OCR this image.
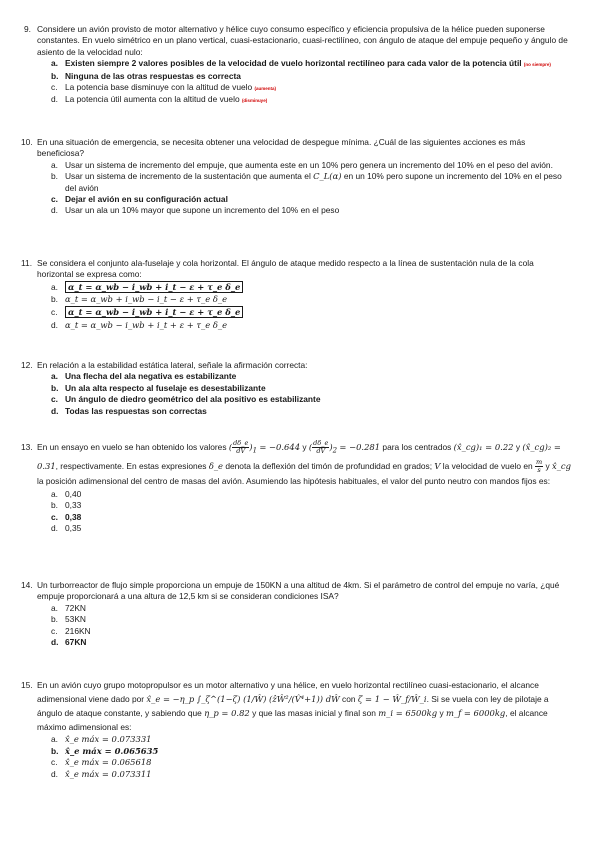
9. Considere un avión provisto de motor alternativo y hélice cuyo consumo específico y eficiencia propulsiva de la hélice pueden suponerse constantes. En vuelo simétrico en un plano vertical, cuasi-estacionario, cuasi-rectilíneo, con ángulo de ataque del empuje pequeño y ángulo de asiento de la velocidad nulo:
a. Existen siempre 2 valores posibles de la velocidad de vuelo horizontal rectilíneo para cada valor de la potencia útil (no siempre)
b. Ninguna de las otras respuestas es correcta
c. La potencia base disminuye con la altitud de vuelo (aumenta)
d. La potencia útil aumenta con la altitud de vuelo (disminuye)
10. En una situación de emergencia, se necesita obtener una velocidad de despegue mínima. ¿Cuál de las siguientes acciones es más beneficiosa?
a. Usar un sistema de incremento del empuje, que aumenta este en un 10% pero genera un incremento del 10% en el peso del avión.
b. Usar un sistema de incremento de la sustentación que aumenta el C_L(α) en un 10% pero supone un incremento del 10% en el peso del avión
c. Dejar el avión en su configuración actual
d. Usar un ala un 10% mayor que supone un incremento del 10% en el peso
11. Se considera el conjunto ala-fuselaje y cola horizontal. El ángulo de ataque medido respecto a la línea de sustentación nula de la cola horizontal se expresa como:
a. α_t = α_wb − i_wb + i_t − ε + τ_e δ_e
b. α_t = α_wb + i_wb − i_t − ε + τ_e δ_e
c. α_t = α_wb − i_wb + i_t − ε + τ_e δ_e
d. α_t = α_wb − i_wb + i_t + ε + τ_e δ_e
12. En relación a la estabilidad estática lateral, señale la afirmación correcta:
a. Una flecha del ala negativa es estabilizante
b. Un ala alta respecto al fuselaje es desestabilizante
c. Un ángulo de diedro geométrico del ala positivo es estabilizante
d. Todas las respuestas son correctas
13. En un ensayo en vuelo se han obtenido los valores ( $\frac{d\delta\_e}{dV} )_1 = -0.644$ y ( $\frac{d\delta\_e}{dV} )_2 = -0.281$ para los centrados (x̂_cg)₁ = 0.22 y (x̂_cg)₂ = 0.31, respectivamente. En estas expresiones δ_e denota la deflexión del timón de profundidad en grados; V la velocidad de vuelo en $\frac{m}{s}$ y x̂_cg la posición adimensional del centro de masas del avión. Asumiendo las hipótesis habituales, el valor del punto neutro con mandos fijos es:
a. 0,40
b. 0,33
c. 0,38
d. 0,35
14. Un turborreactor de flujo simple proporciona un empuje de 150KN a una altitud de 4km. Si el parámetro de control del empuje no varía, ¿qué empuje proporcionará a una altura de 12,5 km si se consideran condiciones ISA?
a. 72KN
b. 53KN
c. 216KN
d. 67KN
15. En un avión cuyo grupo motopropulsor es un motor alternativo y una hélice, en vuelo horizontal rectilíneo cuasi-estacionario, el alcance adimensional viene dado por x̂_e = −η_p ∫_ζ^(1−ζ) (1/Ŵ) (ẑŴ²/(V̂⁴+1)) dŴ con ζ = 1 − Ŵ_f/Ŵ_i. Si se vuela con ley de pilotaje a ángulo de ataque constante, y sabiendo que η_p = 0.82 y que las masas inicial y final son m_i = 6500kg y m_f = 6000kg, el alcance máximo adimensional es:
a. x̂_e máx = 0.073331
b. x̂_e máx = 0.065635
c. x̂_e máx = 0.065618
d. x̂_e máx = 0.073311
